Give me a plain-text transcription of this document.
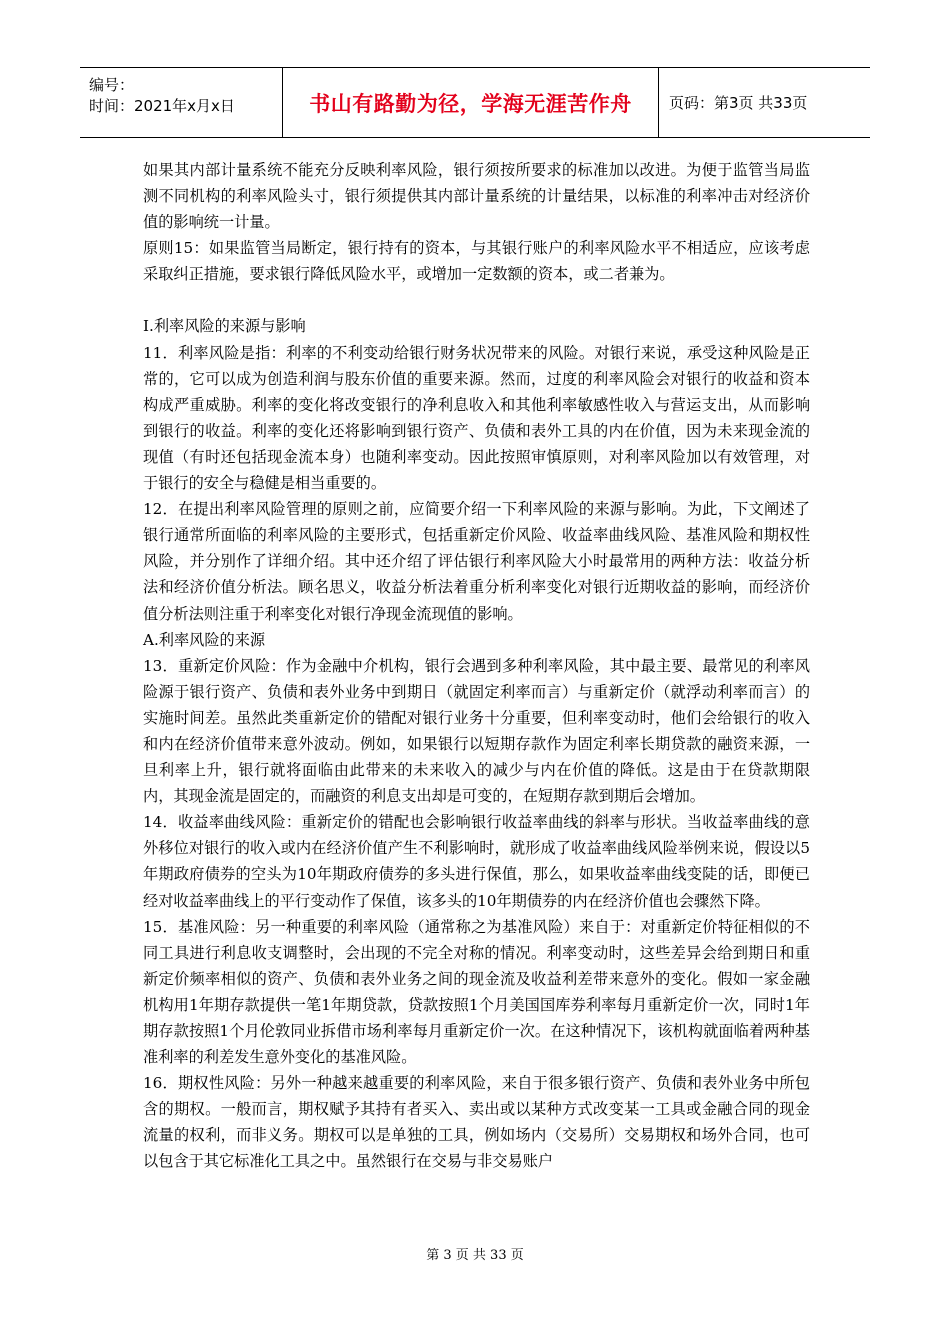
编号：
时间：2021年x月x日	书山有路勤为径，学海无涯苦作舟	页码：第3页 共33页

如果其内部计量系统不能充分反映利率风险，银行须按所要求的标准加以改进。为便于监管当局监测不同机构的利率风险头寸，银行须提供其内部计量系统的计量结果，以标准的利率冲击对经济价值的影响统一计量。

原则15：如果监管当局断定，银行持有的资本，与其银行账户的利率风险水平不相适应，应该考虑采取纠正措施，要求银行降低风险水平，或增加一定数额的资本，或二者兼为。

I.利率风险的来源与影响

11．利率风险是指：利率的不利变动给银行财务状况带来的风险。对银行来说，承受这种风险是正常的，它可以成为创造利润与股东价值的重要来源。然而，过度的利率风险会对银行的收益和资本构成严重威胁。利率的变化将改变银行的净利息收入和其他利率敏感性收入与营运支出，从而影响到银行的收益。利率的变化还将影响到银行资产、负债和表外工具的内在价值，因为未来现金流的现值（有时还包括现金流本身）也随利率变动。因此按照审慎原则，对利率风险加以有效管理，对于银行的安全与稳健是相当重要的。

12．在提出利率风险管理的原则之前，应简要介绍一下利率风险的来源与影响。为此，下文阐述了银行通常所面临的利率风险的主要形式，包括重新定价风险、收益率曲线风险、基准风险和期权性风险，并分别作了详细介绍。其中还介绍了评估银行利率风险大小时最常用的两种方法：收益分析法和经济价值分析法。顾名思义，收益分析法着重分析利率变化对银行近期收益的影响，而经济价值分析法则注重于利率变化对银行净现金流现值的影响。

A.利率风险的来源

13．重新定价风险：作为金融中介机构，银行会遇到多种利率风险，其中最主要、最常见的利率风险源于银行资产、负债和表外业务中到期日（就固定利率而言）与重新定价（就浮动利率而言）的实施时间差。虽然此类重新定价的错配对银行业务十分重要，但利率变动时，他们会给银行的收入和内在经济价值带来意外波动。例如，如果银行以短期存款作为固定利率长期贷款的融资来源，一旦利率上升，银行就将面临由此带来的未来收入的减少与内在价值的降低。这是由于在贷款期限内，其现金流是固定的，而融资的利息支出却是可变的，在短期存款到期后会增加。

14．收益率曲线风险：重新定价的错配也会影响银行收益率曲线的斜率与形状。当收益率曲线的意外移位对银行的收入或内在经济价值产生不利影响时，就形成了收益率曲线风险举例来说，假设以5年期政府债券的空头为10年期政府债券的多头进行保值，那么，如果收益率曲线变陡的话，即便已经对收益率曲线上的平行变动作了保值，该多头的10年期债券的内在经济价值也会骤然下降。

15．基准风险：另一种重要的利率风险（通常称之为基准风险）来自于：对重新定价特征相似的不同工具进行利息收支调整时，会出现的不完全对称的情况。利率变动时，这些差异会给到期日和重新定价频率相似的资产、负债和表外业务之间的现金流及收益利差带来意外的变化。假如一家金融机构用1年期存款提供一笔1年期贷款，贷款按照1个月美国国库券利率每月重新定价一次，同时1年期存款按照1个月伦敦同业拆借市场利率每月重新定价一次。在这种情况下，该机构就面临着两种基准利率的利差发生意外变化的基准风险。

16．期权性风险：另外一种越来越重要的利率风险，来自于很多银行资产、负债和表外业务中所包含的期权。一般而言，期权赋予其持有者买入、卖出或以某种方式改变某一工具或金融合同的现金流量的权利，而非义务。期权可以是单独的工具，例如场内（交易所）交易期权和场外合同，也可以包含于其它标准化工具之中。虽然银行在交易与非交易账户

第 3 页 共 33 页
